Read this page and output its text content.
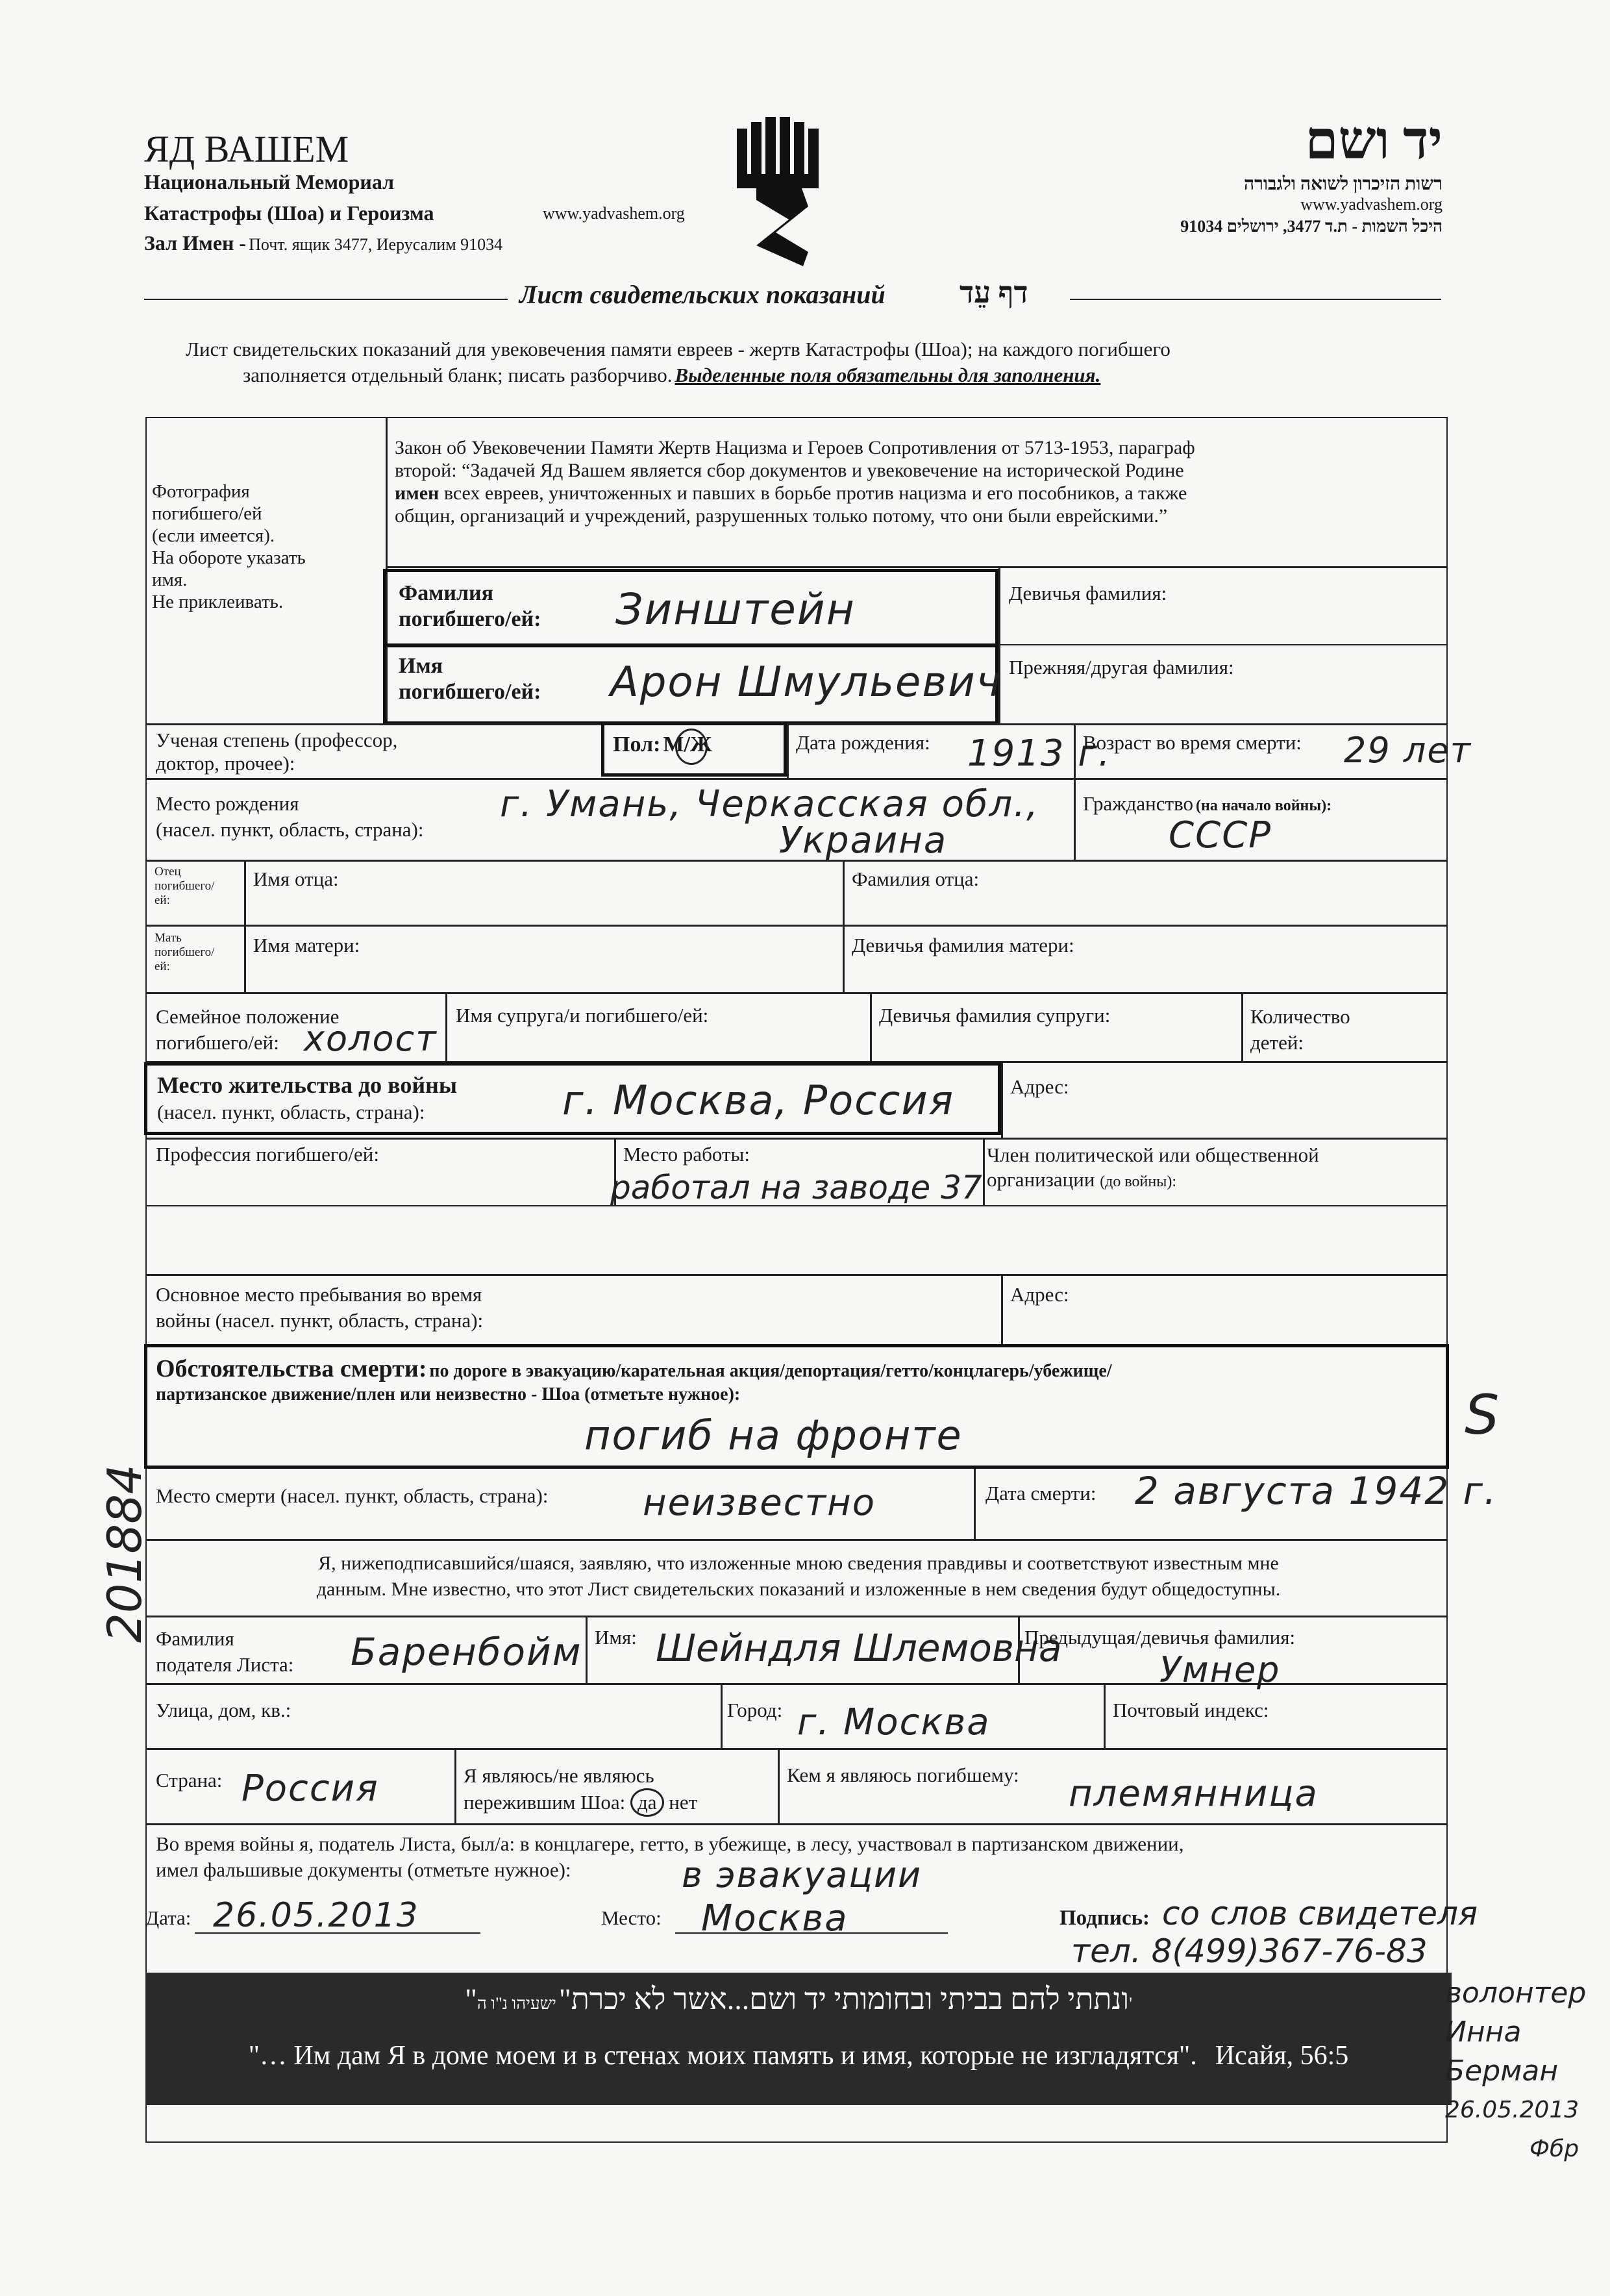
ЯД ВАШЕМ
Национальный Мемориал
Катастрофы (Шоа) и Героизма	www.yadvashem.org
Зал Имен - Почт. ящик 3477, Иерусалим 91034
יד ושם
רשות הזיכרון לשואה ולגבורה
www.yadvashem.org
היכל השמות - ת.ד 3477, ירושלים 91034
Лист свидетельских показаний דף עֵד
Лист свидетельских показаний для увековечения памяти евреев - жертв Катастрофы (Шоа); на каждого погибшего
заполняется отдельный бланк; писать разборчиво. Выделенные поля обязательны для заполнения.
Фотография
погибшего/ей
(если имеется).
На обороте указать
имя.
Не приклеивать.
Закон об Увековечении Памяти Жертв Нацизма и Героев Сопротивления от 5713-1953, параграф
второй: “Задачей Яд Вашем является сбор документов и увековечение на исторической Родине
имен всех евреев, уничтоженных и павших в борьбе против нацизма и его пособников, а также
общин, организаций и учреждений, разрушенных только потому, что они были еврейскими.”
Фамилия
погибшего/ей: Зинштейн	Девичья фамилия:
Имя
погибшего/ей: Арон Шмульевич Прежняя/другая фамилия:
Ученая степень (профессор,
доктор, прочее):
Пол: М/Ж	Дата рождения: 1913 г.
Возраст во время смерти: 29 лет
Место рождения
(насел. пункт, область, страна):
г. Умань, Черкасская обл.,
Украина
Гражданство (на начало войны):
СССР
Отец
погибшего/
ей:
Имя отца:	Фамилия отца:
Мать
погибшего/
ей:
Имя матери:	Девичья фамилия матери:
Семейное положение
погибшего/ей: холост
Имя супруга/и погибшего/ей:	Девичья фамилия супруги:	Количество
детей:
Место жительства до войны
(насел. пункт, область, страна):	г. Москва, Россия	Адрес:
Профессия погибшего/ей:	Место работы:
работал на заводе 37
Член политической или общественной
организации (до войны):
Основное место пребывания во время
войны (насел. пункт, область, страна):
Адрес:
Обстоятельства смерти: по дороге в эвакуацию/карательная акция/депортация/гетто/концлагерь/убежище/
партизанское движение/плен или неизвестно - Шоа (отметьте нужное):
погиб на фронте
Место смерти (насел. пункт, область, страна):	неизвестно	Дата смерти: 2 августа 1942 г.
Я, нижеподписавшийся/шаяся, заявляю, что изложенные мною сведения правдивы и соответствуют известным мне
данным. Мне известно, что этот Лист свидетельских показаний и изложенные в нем сведения будут общедоступны.
Фамилия
подателя Листа: Баренбойм Имя: Шейндля Шлемовна
Предыдущая/девичья фамилия:
Умнер
Улица, дом, кв.:	Город: г. Москва	Почтовый индекс:
Страна: Россия	Я являюсь/не являюсь
пережившим Шоа: да нет
Кем я являюсь погибшему: племянница
Во время войны я, податель Листа, был/а: в концлагере, гетто, в убежище, в лесу, участвовал в партизанском движении,
имел фальшивые документы (отметьте нужное):	в эвакуации
Дата: 26.05.2013	Место: Москва	Подпись: со слов свидетеля
тел. 8(499)367-76-83
"ונתתי להם בביתי ובחומותי יד ושם...אשר לא יכרת" ישעיהו נ"ו ה'
"… Им дам Я в доме моем и в стенах моих память и имя, которые не изгладятся". Исайя, 56:5
201884
S
волонтер
Инна
Берман
26.05.2013
Фбр
